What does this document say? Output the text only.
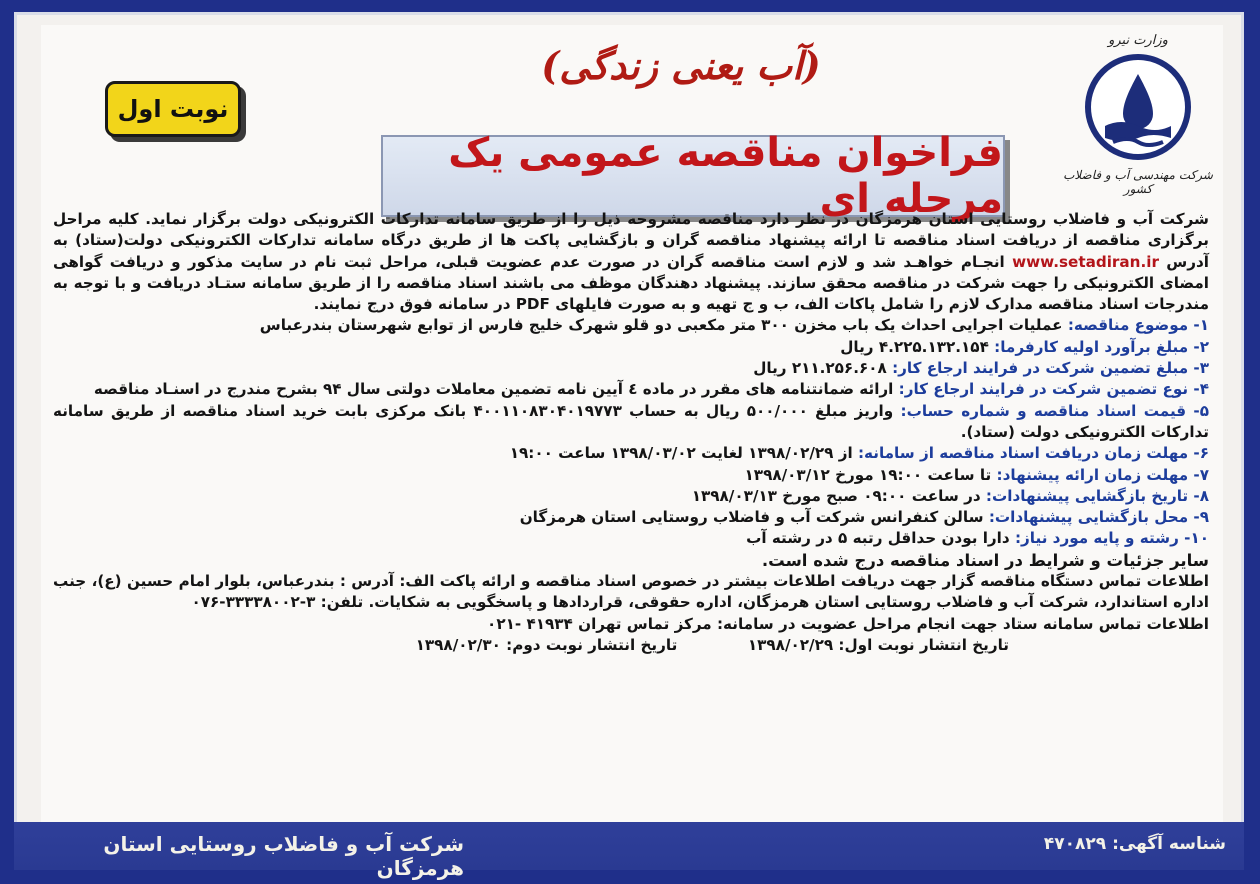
وزارت نیرو
شرکت مهندسی آب و فاضلاب کشور
(آب یعنی زندگی)
نوبت اول
فراخوان مناقصه عمومی یک مرحله ای

شرکت آب و فاضلاب روستایی استان هرمزگان در نظر دارد مناقصه مشروحه ذیل را از طریق سامانه تدارکات الکترونیکی دولت برگزار نماید. کلیه مراحل برگزاری مناقصه از دریافت اسناد مناقصه تا ارائه پیشنهاد مناقصه گران و بازگشایی پاکت ها از طریق درگاه سامانه تدارکات الکترونیکی دولت(ستاد) به آدرس www.setadiran.ir انجـام خواهـد شد و لازم است مناقصه گران در صورت عدم عضویت قبلی، مراحل ثبت نام در سایت مذکور و دریافت گواهی امضای الکترونیکی را جهت شرکت در مناقصه محقق سازند. پیشنهاد دهندگان موظف می باشند اسناد مناقصه را از طریق سامانه ستـاد دریافت و با توجه به مندرجات اسناد مناقصه مدارک لازم را شامل پاکات الف، ب و ج تهیه و به صورت فایلهای PDF در سامانه فوق درج نمایند.

۱- موضوع مناقصه: عملیات اجرایی احداث یک باب مخزن ۳۰۰ متر مکعبی دو قلو شهرک خلیج فارس از توابع شهرستان بندرعباس

۲- مبلغ برآورد اولیه کارفرما: ۴.۲۲۵.۱۳۲.۱۵۴ ریال

۳- مبلغ تضمین شرکت در فرایند ارجاع کار: ۲۱۱.۲۵۶.۶۰۸ ریال

۴- نوع تضمین شرکت در فرایند ارجاع کار: ارائه ضمانتنامه های مقرر در ماده ٤ آیین نامه تضمین معاملات دولتی سال ۹۴ بشرح مندرج در اسنـاد مناقصه

۵- قیمت اسناد مناقصه و شماره حساب: واریز مبلغ ۵۰۰/۰۰۰ ریال به حساب ۴۰۰۱۱۰۸۳۰۴۰۱۹۷۷۳ بانک مرکزی بابت خرید اسناد مناقصه از طریق سامانه تدارکات الکترونیکی دولت (ستاد).

۶- مهلت زمان دریافت اسناد مناقصه از سامانه: از ۱۳۹۸/۰۲/۲۹ لغایت ۱۳۹۸/۰۳/۰۲ ساعت ۱۹:۰۰

۷- مهلت زمان ارائه پیشنهاد: تا ساعت ۱۹:۰۰ مورخ ۱۳۹۸/۰۳/۱۲

۸- تاریخ بازگشایی پیشنهادات: در ساعت ۰۹:۰۰ صبح مورخ ۱۳۹۸/۰۳/۱۳

۹- محل بازگشایی پیشنهادات: سالن کنفرانس شرکت آب و فاضلاب روستایی استان هرمزگان

۱۰- رشته و پایه مورد نیاز: دارا بودن حداقل رتبه ۵ در رشته آب

سایر جزئیات و شرایط در اسناد مناقصه درج شده است.

اطلاعات تماس دستگاه مناقصه گزار جهت دریافت اطلاعات بیشتر در خصوص اسناد مناقصه و ارائه پاکت الف: آدرس : بندرعباس، بلوار امام حسین (ع)، جنب اداره استاندارد، شرکت آب و فاضلاب روستایی استان هرمزگان، اداره حقوقی، قراردادها و پاسخگویی به شکایات. تلفن: ۳-۳۳۳۳۸۰۰۲-۰۷۶

اطلاعات تماس سامانه ستاد جهت انجام مراحل عضویت در سامانه: مرکز تماس تهران ۴۱۹۳۴ -۰۲۱

تاریخ انتشار نوبت اول: ۱۳۹۸/۰۲/۲۹  تاریخ انتشار نوبت دوم: ۱۳۹۸/۰۲/۳۰

شناسه آگهی: ۴۷۰۸۲۹
شرکت آب و فاضلاب روستایی استان هرمزگان
